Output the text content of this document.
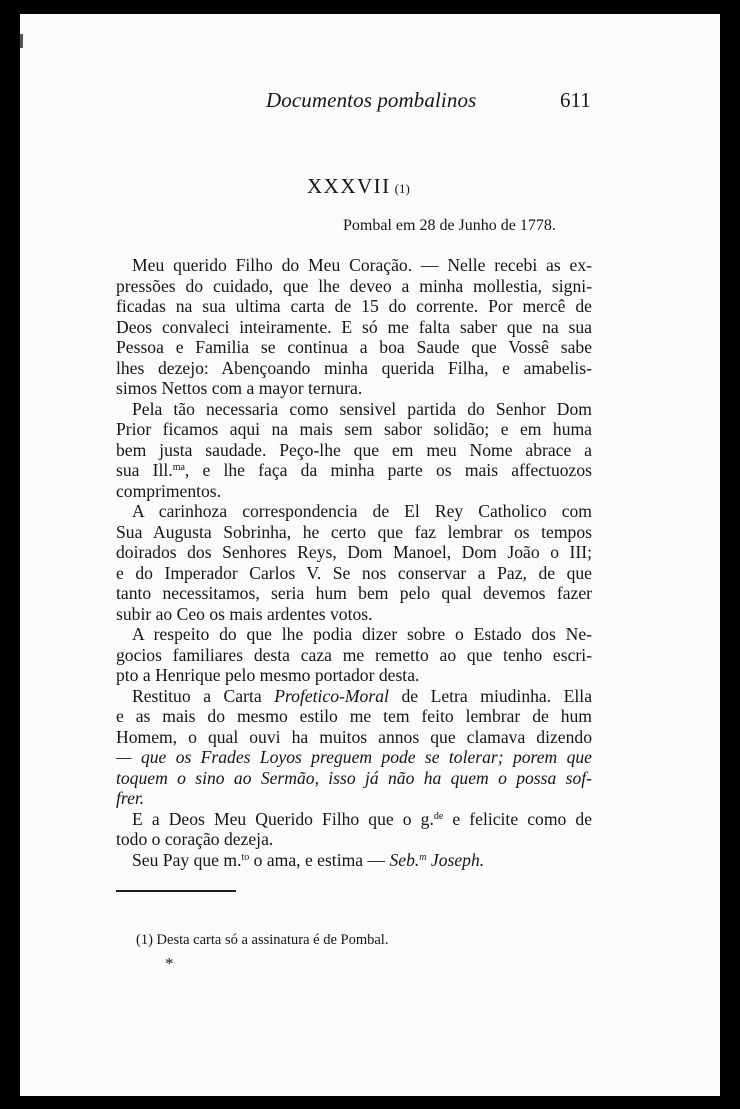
Documentos pombalinos	611
XXXVII (1)
Pombal em 28 de Junho de 1778.
Meu querido Filho do Meu Coração. — Nelle recebi as ex-
pressões do cuidado, que lhe deveo a minha mollestia, signi-
ficadas na sua ultima carta de 15 do corrente. Por mercê de
Deos convaleci inteiramente. E só me falta saber que na sua
Pessoa e Familia se continua a boa Saude que Vossê sabe
lhes dezejo: Abençoando minha querida Filha, e amabelis-
simos Nettos com a mayor ternura.
Pela tão necessaria como sensivel partida do Senhor Dom
Prior ficamos aqui na mais sem sabor solidão; e em huma
bem justa saudade. Peço-lhe que em meu Nome abrace a
sua Ill.$^{ma}$, e lhe faça da minha parte os mais affectuozos
comprimentos.
A carinhoza correspondencia de El Rey Catholico com
Sua Augusta Sobrinha, he certo que faz lembrar os tempos
doirados dos Senhores Reys, Dom Manoel, Dom João o III;
e do Imperador Carlos V. Se nos conservar a Paz, de que
tanto necessitamos, seria hum bem pelo qual devemos fazer
subir ao Ceo os mais ardentes votos.
A respeito do que lhe podia dizer sobre o Estado dos Ne-
gocios familiares desta caza me remetto ao que tenho escri-
pto a Henrique pelo mesmo portador desta.
Restituo a Carta Profetico-Moral de Letra miudinha. Ella
e as mais do mesmo estilo me tem feito lembrar de hum
Homem, o qual ouvi ha muitos annos que clamava dizendo
— que os Frades Loyos preguem pode se tolerar; porem que
toquem o sino ao Sermão, isso já não ha quem o possa sof-
frer.
E a Deos Meu Querido Filho que o g.$^{de}$ e felicite como de
todo o coração dezeja.
Seu Pay que m.$^{to}$ o ama, e estima — Seb.$^m$ Joseph.
(1) Desta carta só a assinatura é de Pombal.
*
